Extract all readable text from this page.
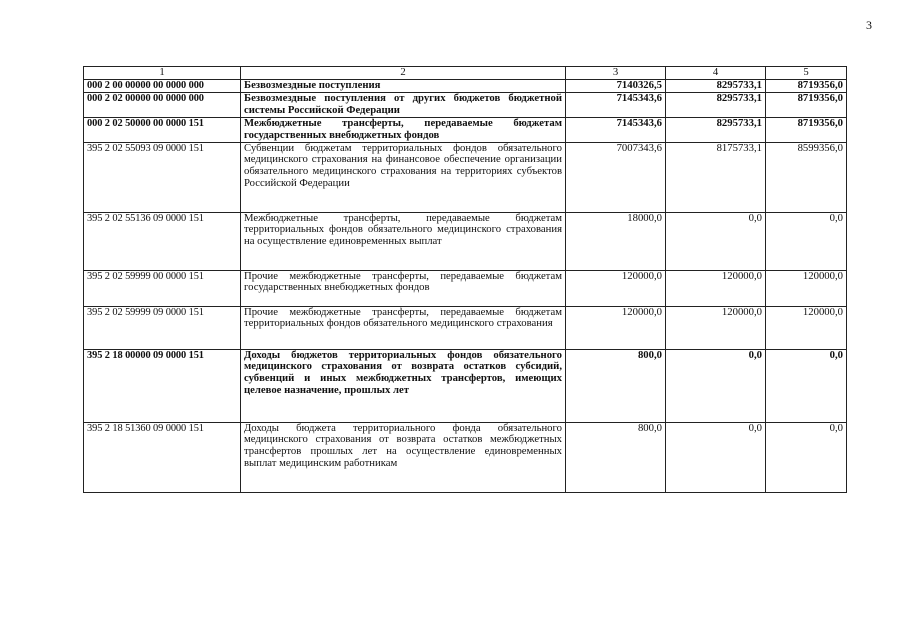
3
1	2	3	4	5
000 2 00 00000 00 0000 000	Безвозмездные поступления	7140326,5	8295733,1	8719356,0
000 2 02 00000 00 0000 000	Безвозмездные поступления от других бюджетов бюджетной системы Российской Федерации	7145343,6	8295733,1	8719356,0
000 2 02 50000 00 0000 151	Межбюджетные трансферты, передаваемые бюджетам государственных внебюджетных фондов	7145343,6	8295733,1	8719356,0
395 2 02 55093 09 0000 151	Субвенции бюджетам территориальных фондов обязательного медицинского страхования на финансовое обеспечение организации обязательного медицинского страхования на территориях субъектов Российской Федерации	7007343,6	8175733,1	8599356,0
395 2 02 55136 09 0000 151	Межбюджетные трансферты, передаваемые бюджетам территориальных фондов обязательного медицинского страхования на осуществление единовременных выплат	18000,0	0,0	0,0
395 2 02 59999 00 0000 151	Прочие межбюджетные трансферты, передаваемые бюджетам государственных внебюджетных фондов	120000,0	120000,0	120000,0
395 2 02 59999 09 0000 151	Прочие межбюджетные трансферты, передаваемые бюджетам территориальных фондов обязательного медицинского страхования	120000,0	120000,0	120000,0
395 2 18 00000 09 0000 151	Доходы бюджетов территориальных фондов обязательного медицинского страхования от возврата остатков субсидий, субвенций и иных межбюджетных трансфертов, имеющих целевое назначение, прошлых лет	800,0	0,0	0,0
395 2 18 51360 09 0000 151	Доходы бюджета территориального фонда обязательного медицинского страхования от возврата остатков межбюджетных трансфертов прошлых лет на осуществление единовременных выплат медицинским работникам	800,0	0,0	0,0
